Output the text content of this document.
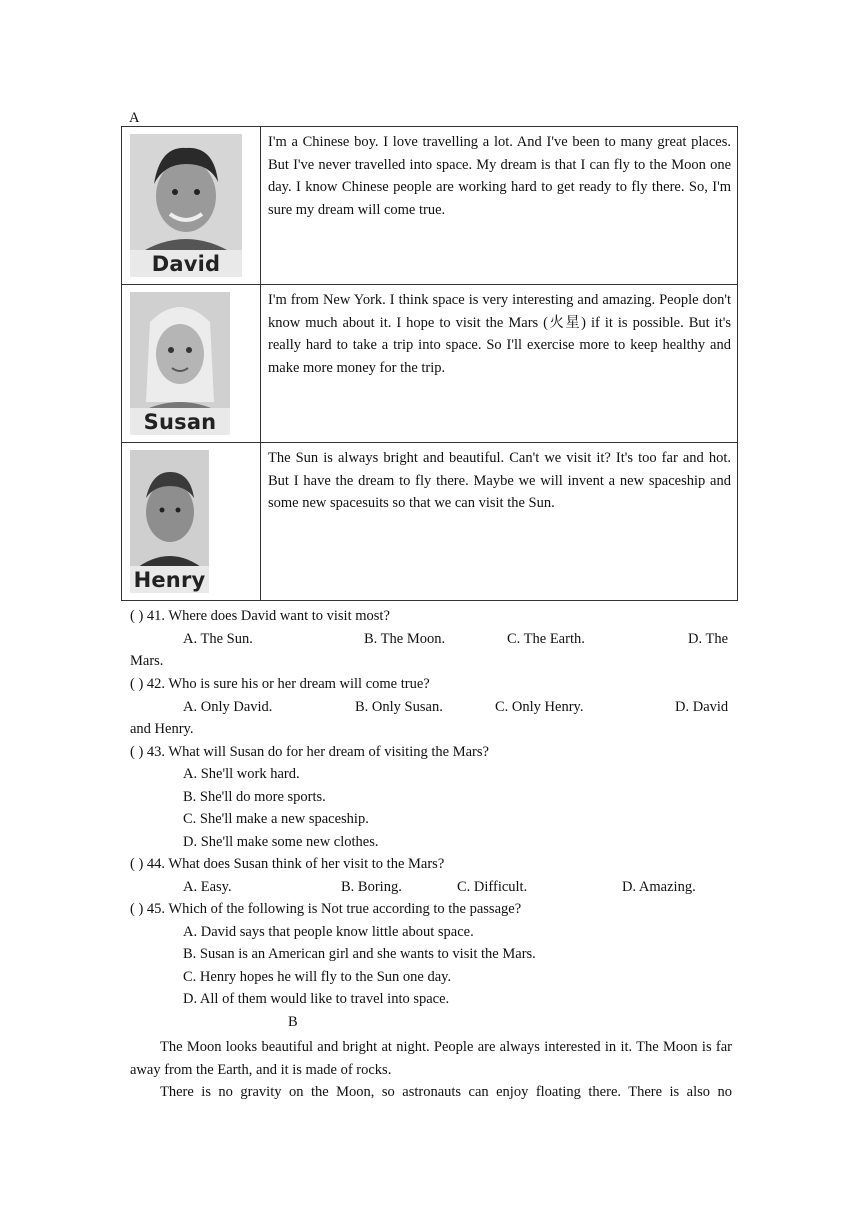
A
David	I'm a Chinese boy. I love travelling a lot. And I've been to many great places. But I've never travelled into space. My dream is that I can fly to the Moon one day. I know Chinese people are working hard to get ready to fly there. So, I'm sure my dream will come true.

Susan	I'm from New York. I think space is very interesting and amazing. People don't know much about it. I hope to visit the Mars (火星) if it is possible. But it's really hard to take a trip into space. So I'll exercise more to keep healthy and make more money for the trip.

Henry	The Sun is always bright and beautiful. Can't we visit it? It's too far and hot. But I have the dream to fly there. Maybe we will invent a new spaceship and some new spacesuits so that we can visit the Sun.
( ) 41. Where does David want to visit most?
A. The Sun.	B. The Moon.	C. The Earth.	D. The
Mars.
( ) 42. Who is sure his or her dream will come true?
A. Only David.	B. Only Susan.	C. Only Henry.	D. David
and Henry.
( ) 43. What will Susan do for her dream of visiting the Mars?
A. She'll work hard.
B. She'll do more sports.
C. She'll make a new spaceship.
D. She'll make some new clothes.
( ) 44. What does Susan think of her visit to the Mars?
A. Easy.	B. Boring.	C. Difficult.	D. Amazing.
( ) 45. Which of the following is Not true according to the passage?
A. David says that people know little about space.
B. Susan is an American girl and she wants to visit the Mars.
C. Henry hopes he will fly to the Sun one day.
D. All of them would like to travel into space.
B
The Moon looks beautiful and bright at night. People are always interested in it. The Moon is far away from the Earth, and it is made of rocks.
There is no gravity on the Moon, so astronauts can enjoy floating there. There is also no
